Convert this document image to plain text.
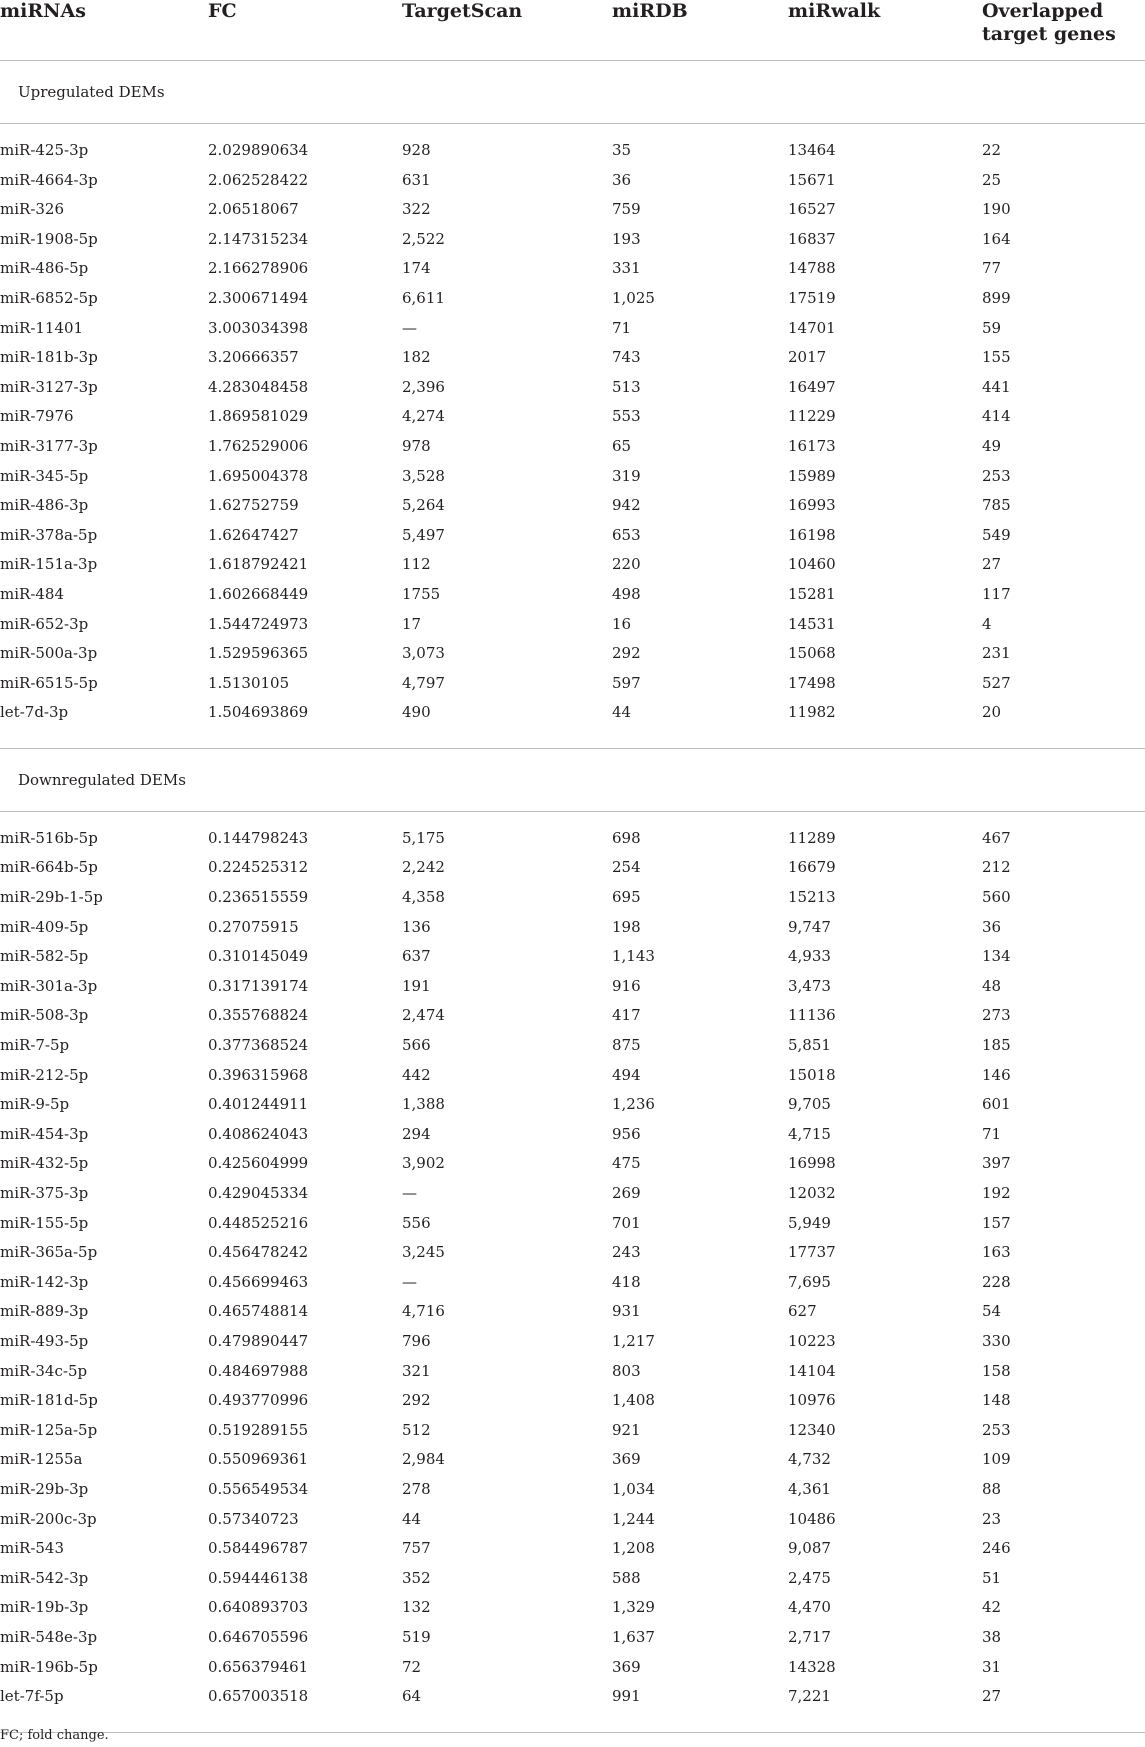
miRNAs	FC	TargetScan	miRDB	miRwalk	Overlapped target genes
Upregulated DEMs					

miR-425-3p	2.029890634	928	35	13464	22
miR-4664-3p	2.062528422	631	36	15671	25
miR-326	2.06518067	322	759	16527	190
miR-1908-5p	2.147315234	2,522	193	16837	164
miR-486-5p	2.166278906	174	331	14788	77
miR-6852-5p	2.300671494	6,611	1,025	17519	899
miR-11401	3.003034398	—	71	14701	59
miR-181b-3p	3.20666357	182	743	2017	155
miR-3127-3p	4.283048458	2,396	513	16497	441
miR-7976	1.869581029	4,274	553	11229	414
miR-3177-3p	1.762529006	978	65	16173	49
miR-345-5p	1.695004378	3,528	319	15989	253
miR-486-3p	1.62752759	5,264	942	16993	785
miR-378a-5p	1.62647427	5,497	653	16198	549
miR-151a-3p	1.618792421	112	220	10460	27
miR-484	1.602668449	1755	498	15281	117
miR-652-3p	1.544724973	17	16	14531	4
miR-500a-3p	1.529596365	3,073	292	15068	231
miR-6515-5p	1.5130105	4,797	597	17498	527
let-7d-3p	1.504693869	490	44	11982	20

Downregulated DEMs					

miR-516b-5p	0.144798243	5,175	698	11289	467
miR-664b-5p	0.224525312	2,242	254	16679	212
miR-29b-1-5p	0.236515559	4,358	695	15213	560
miR-409-5p	0.27075915	136	198	9,747	36
miR-582-5p	0.310145049	637	1,143	4,933	134
miR-301a-3p	0.317139174	191	916	3,473	48
miR-508-3p	0.355768824	2,474	417	11136	273
miR-7-5p	0.377368524	566	875	5,851	185
miR-212-5p	0.396315968	442	494	15018	146
miR-9-5p	0.401244911	1,388	1,236	9,705	601
miR-454-3p	0.408624043	294	956	4,715	71
miR-432-5p	0.425604999	3,902	475	16998	397
miR-375-3p	0.429045334	—	269	12032	192
miR-155-5p	0.448525216	556	701	5,949	157
miR-365a-5p	0.456478242	3,245	243	17737	163
miR-142-3p	0.456699463	—	418	7,695	228
miR-889-3p	0.465748814	4,716	931	627	54
miR-493-5p	0.479890447	796	1,217	10223	330
miR-34c-5p	0.484697988	321	803	14104	158
miR-181d-5p	0.493770996	292	1,408	10976	148
miR-125a-5p	0.519289155	512	921	12340	253
miR-1255a	0.550969361	2,984	369	4,732	109
miR-29b-3p	0.556549534	278	1,034	4,361	88
miR-200c-3p	0.57340723	44	1,244	10486	23
miR-543	0.584496787	757	1,208	9,087	246
miR-542-3p	0.594446138	352	588	2,475	51
miR-19b-3p	0.640893703	132	1,329	4,470	42
miR-548e-3p	0.646705596	519	1,637	2,717	38
miR-196b-5p	0.656379461	72	369	14328	31
let-7f-5p	0.657003518	64	991	7,221	27

FC; fold change.
